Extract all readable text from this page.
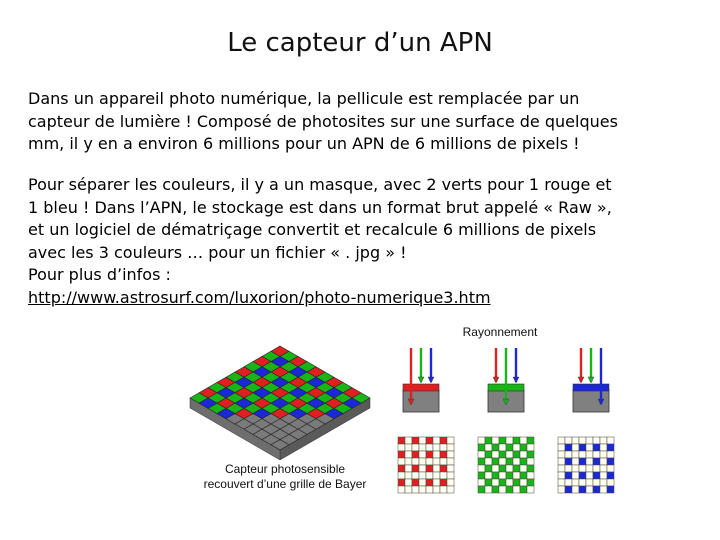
Le capteur d’un APN

Dans un appareil photo numérique, la pellicule est remplacée par un
capteur de lumière ! Composé de photosites sur une surface de quelques
mm, il y en a environ 6 millions pour un APN de 6 millions de pixels !

Pour séparer les couleurs, il y a un masque, avec 2 verts pour 1 rouge et
1 bleu ! Dans l’APN, le stockage est dans un format brut appelé « Raw »,
et un logiciel de dématriçage convertit et recalcule 6 millions de pixels
avec les 3 couleurs … pour un fichier « . jpg » !
Pour plus d’infos :
http://www.astrosurf.com/luxorion/photo-numerique3.htm

Capteur photosensible
recouvert d’une grille de Bayer
Rayonnement
